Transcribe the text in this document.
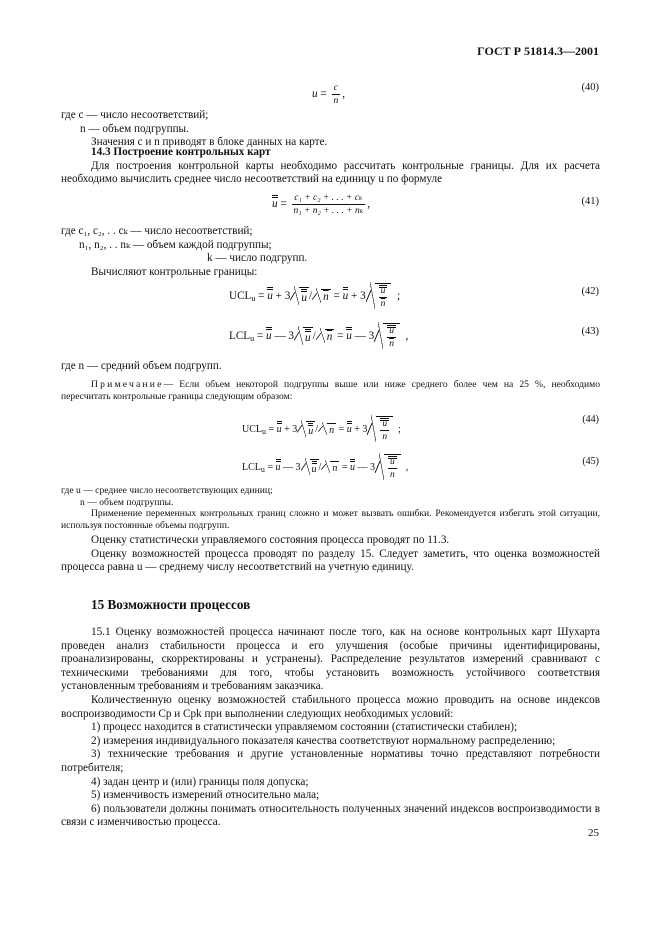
ГОСТ Р 51814.3—2001
$u = \frac{c}{n}$ ,
(40)

где c — число несоответствий;

n — объем подгруппы.

Значения c и n приводят в блоке данных на карте.

14.3 Построение контрольных карт

Для построения контрольной карты необходимо рассчитать контрольные границы. Для их расчета необходимо вычислить среднее число несоответствий на единицу u по формуле

$u = \frac{\text{c₁ + c₂ + . . . + cₖ}}{\text{n₁ + n₂ + . . . + nₖ}}$ ,	(41)

где c₁, c₂, . . cₖ — число несоответствий;

n₁, n₂, . . nₖ — объем каждой подгруппы;

k — число подгрупп.

Вычисляют контрольные границы:

$UCL_u = u + 3$ $u / \overline{n} = u + 3 \frac{u}{n}$ ;	(42)
$LCL_u = u$ — 3 $u / \overline{n} = u$ — $3 \frac{u}{n}$ ,	(43)
где n — средний объем подгрупп.

Примечание— Если объем некоторой подгруппы выше или ниже среднего более чем на 25 %, необходимо пересчитать контрольные границы следующим образом:

$UCL_u = u + 3$ $u / n = u + 3 \frac{u}{n}$ ;
(44)
$LCL_u = u$ — 3 u / n = u — $3 \frac{u}{n}$ ,
(45)

где u — среднее число несоответствующих единиц;

n — объем подгруппы.

Применение переменных контрольных границ сложно и может вызвать ошибки. Рекомендуется избегать этой ситуации, используя постоянные объемы подгрупп.

Оценку статистически управляемого состояния процесса проводят по 11.3.

Оценку возможностей процесса проводят по разделу 15. Следует заметить, что оценка возможностей процесса равна u — среднему числу несоответствий на учетную единицу.

15 Возможности процессов

15.1 Оценку возможностей процесса начинают после того, как на основе контрольных карт Шухарта проведен анализ стабильности процесса и его улучшения (особые причины идентифицированы, проанализированы, скорректированы и устранены). Распределение результатов измерений сравнивают с техническими требованиями для того, чтобы установить возможность устойчивого соответствия установленным требованиям и требованиям заказчика.

Количественную оценку возможностей стабильного процесса можно проводить на основе индексов воспроизводимости Cp и Cpk при выполнении следующих необходимых условий:

1) процесс находится в статистически управляемом состоянии (статистически стабилен);

2) измерения индивидуального показателя качества соответствуют нормальному распределению;

3) технические требования и другие установленные нормативы точно представляют потребности потребителя;

4) задан центр и (или) границы поля допуска;

5) изменчивость измерений относительно мала;

6) пользователи должны понимать относительность полученных значений индексов воспроизводимости в связи с изменчивостью процесса.

25
